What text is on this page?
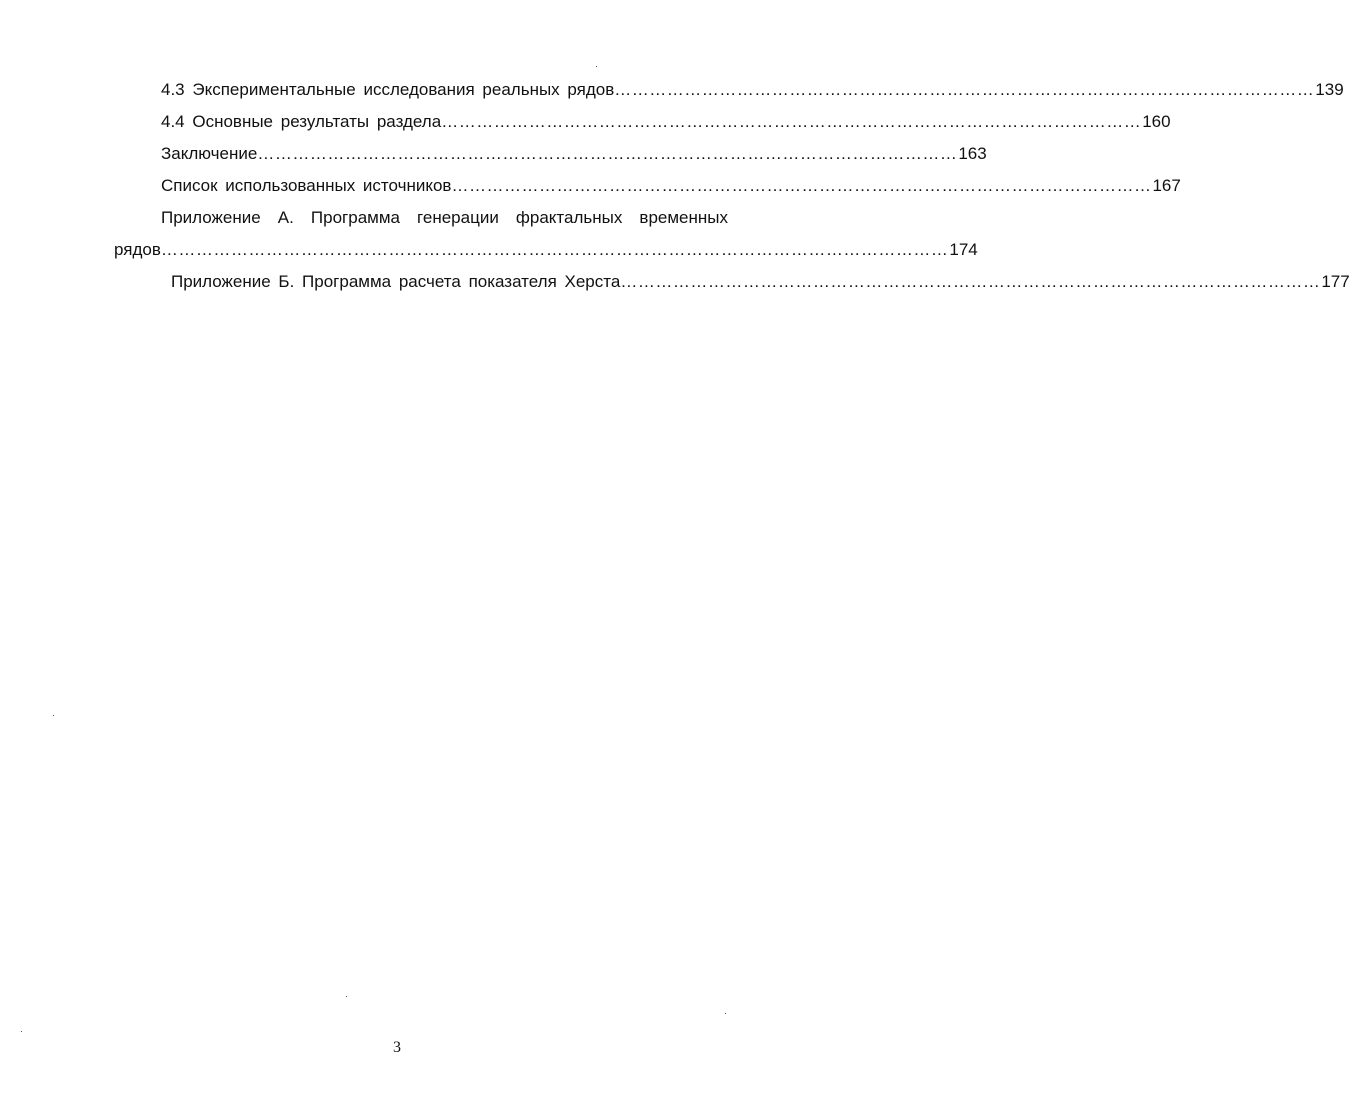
4.3 Экспериментальные исследования реальных рядов ………………………………………………………………………………………………………… 139
4.4 Основные результаты раздела ………………………………………………………………………………………………………… 160
Заключение ………………………………………………………………………………………………………… 163
Список использованных источников ………………………………………………………………………………………………………… 167
Приложение А. Программа генерации фрактальных временных
рядов ……………………………………………………………………………………………………………………… 174
Приложение Б. Программа расчета показателя Херста ………………………………………………………………………………………………………… 177
3
